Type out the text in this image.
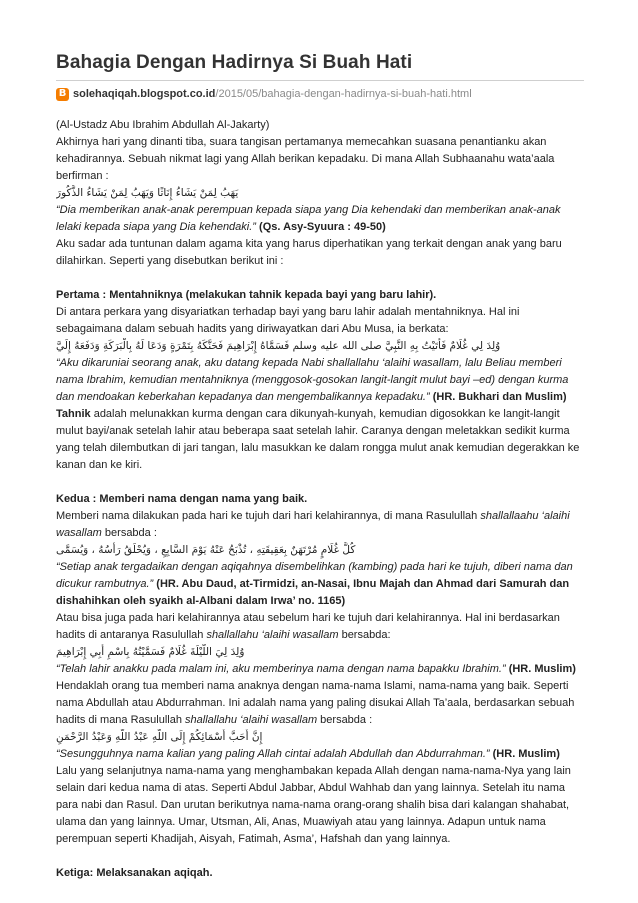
Bahagia Dengan Hadirnya Si Buah Hati
B solehaqiqah.blogspot.co.id /2015/05/bahagia-dengan-hadirnya-si-buah-hati.html

(Al-Ustadz Abu Ibrahim Abdullah Al-Jakarty)

Akhirnya hari yang dinanti tiba, suara tangisan pertamanya memecahkan suasana penantianku akan kehadirannya. Sebuah nikmat lagi yang Allah berikan kepadaku. Di mana Allah Subhaanahu wata’aala berfirman :

يَهَبُ لِمَنْ يَشَاءُ إِنَاثًا وَيَهَبُ لِمَنْ يَشَاءُ الذُّكُورَ

“Dia memberikan anak-anak perempuan kepada siapa yang Dia kehendaki dan memberikan anak-anak lelaki kepada siapa yang Dia kehendaki.” (Qs. Asy-Syuura : 49-50)

Aku sadar ada tuntunan dalam agama kita yang harus diperhatikan yang terkait dengan anak yang baru dilahirkan. Seperti yang disebutkan berikut ini :

Pertama : Mentahniknya (melakukan tahnik kepada bayi yang baru lahir).

Di antara perkara yang disyariatkan terhadap bayi yang baru lahir adalah mentahniknya. Hal ini sebagaimana dalam sebuah hadits yang diriwayatkan dari Abu Musa, ia berkata:

وُلِدَ لِي غُلَامٌ فَأَتَيْتُ بِهِ النَّبِيَّ صلى الله عليه وسلم فَسَمَّاهُ إِبْرَاهِيمَ فَحَنَّكَهُ بِتَمْرَةٍ وَدَعَا لَهُ بِالْبَرَكَةِ وَدَفَعَهُ إِلَيَّ

“Aku dikaruniai seorang anak, aku datang kepada Nabi shallallahu ‘alaihi wasallam, lalu Beliau memberi nama Ibrahim, kemudian mentahniknya (menggosok-gosokan langit-langit mulut bayi –ed) dengan kurma dan mendoakan keberkahan kepadanya dan mengembalikannya kepadaku.” (HR. Bukhari dan Muslim)

Tahnik adalah melunakkan kurma dengan cara dikunyah-kunyah, kemudian digosokkan ke langit-langit mulut bayi/anak setelah lahir atau beberapa saat setelah lahir. Caranya dengan meletakkan sedikit kurma yang telah dilembutkan di jari tangan, lalu masukkan ke dalam rongga mulut anak kemudian degerakkan ke kanan dan ke kiri.

Kedua : Memberi nama dengan nama yang baik.

Memberi nama dilakukan pada hari ke tujuh dari hari kelahirannya, di mana Rasulullah shallallaahu ‘alaihi wasallam bersabda :

كُلُّ غُلَامٍ مُرْتَهَنٌ بِعَقِيقَتِهِ ، تُذْبَحُ عَنْهُ يَوْمَ السَّابِعِ ، وَيُحْلَقُ رَأْسُهُ ، وَيُسَمَّى

“Setiap anak tergadaikan dengan aqiqahnya disembelihkan (kambing) pada hari ke tujuh, diberi nama dan dicukur rambutnya.” (HR. Abu Daud, at-Tirmidzi, an-Nasai, Ibnu Majah dan Ahmad dari Samurah dan dishahihkan oleh syaikh al-Albani dalam Irwa’ no. 1165)

Atau bisa juga pada hari kelahirannya atau sebelum hari ke tujuh dari kelahirannya. Hal ini berdasarkan hadits di antaranya Rasulullah shallallahu ‘alaihi wasallam bersabda:

وُلِدَ لِيَ اللَّيْلَةَ غُلَامٌ فَسَمَّيْتُهُ بِاسْمِ أَبِي إِبْرَاهِيمَ

“Telah lahir anakku pada malam ini, aku memberinya nama dengan nama bapakku Ibrahim.” (HR. Muslim)

Hendaklah orang tua memberi nama anaknya dengan nama-nama Islami, nama-nama yang baik. Seperti nama Abdullah atau Abdurrahman. Ini adalah nama yang paling disukai Allah Ta’aala, berdasarkan sebuah hadits di mana Rasulullah shallallahu ‘alaihi wasallam bersabda :

إِنَّ أَحَبَّ أَسْمَائِكُمْ إِلَى اللَّهِ عَبْدُ اللَّهِ وَعَبْدُ الرَّحْمَنِ

“Sesungguhnya nama kalian yang paling Allah cintai adalah Abdullah dan Abdurrahman.” (HR. Muslim)

Lalu yang selanjutnya nama-nama yang menghambakan kepada Allah dengan nama-nama-Nya yang lain selain dari kedua nama di atas. Seperti Abdul Jabbar, Abdul Wahhab dan yang lainnya. Setelah itu nama para nabi dan Rasul. Dan urutan berikutnya nama-nama orang-orang shalih bisa dari kalangan shahabat, ulama dan yang lainnya. Umar, Utsman, Ali, Anas, Muawiyah atau yang lainnya. Adapun untuk nama perempuan seperti Khadijah, Aisyah, Fatimah, Asma’, Hafshah dan yang lainnya.

Ketiga: Melaksanakan aqiqah.
